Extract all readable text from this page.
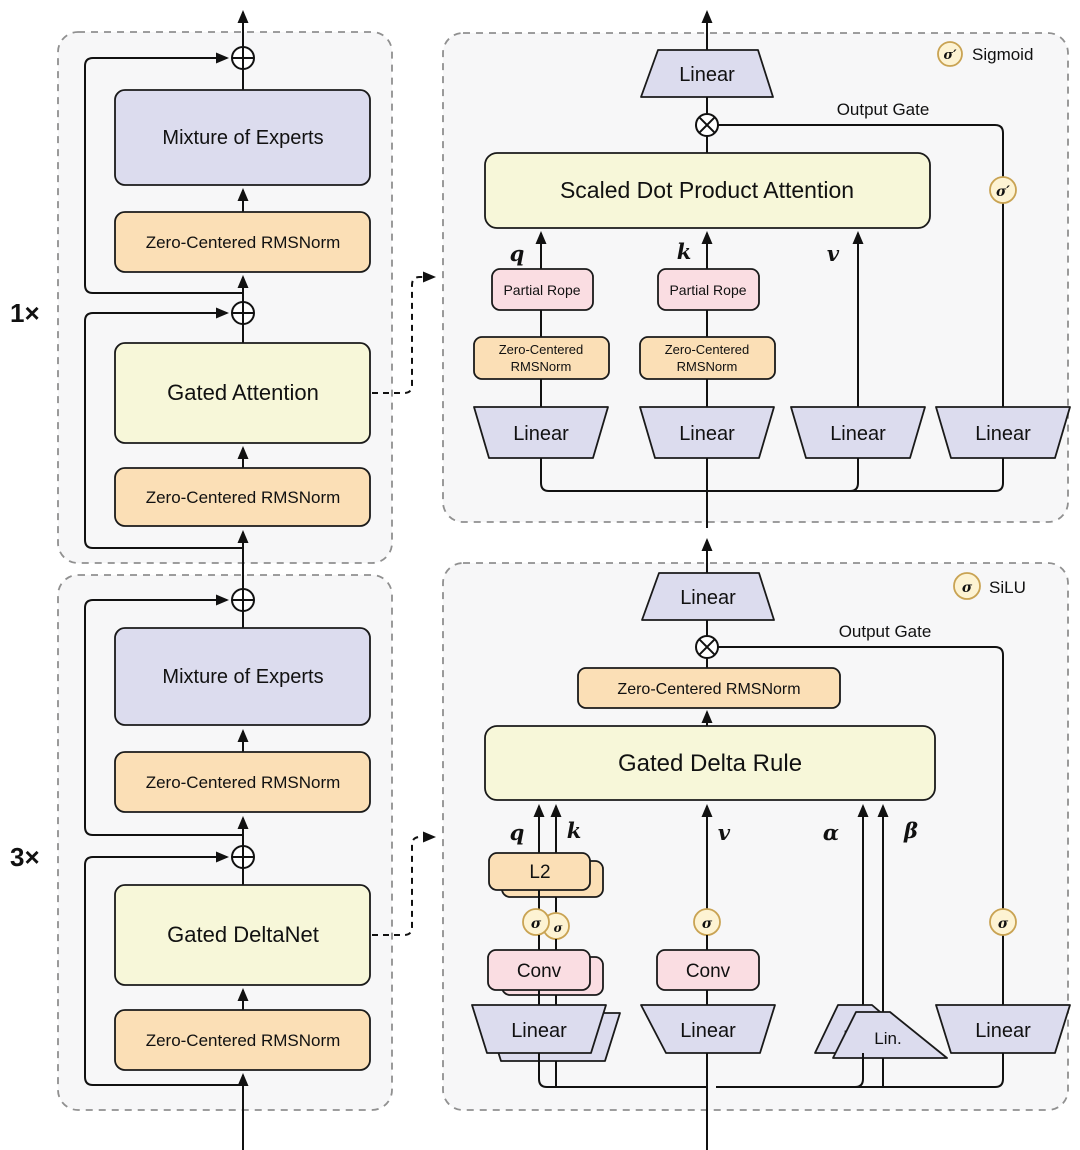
1×
3×
Mixture of Experts
Zero-Centered RMSNorm
Gated Attention
Zero-Centered RMSNorm
Mixture of Experts
Zero-Centered RMSNorm
Gated DeltaNet
Zero-Centered RMSNorm
σ′ Sigmoid
Linear
Output Gate
σ′
Scaled Dot Product Attention
q
Partial Rope
Zero-Centered
RMSNorm
Linear
k
Partial Rope
Zero-Centered
RMSNorm
Linear
v
Linear	Linear
σ SiLU
Linear
Output Gate
Zero-Centered RMSNorm
Gated Delta Rule
q k
L2
σ
σ
Conv
Linear
v
σ
Conv
Linear
α	β
Lin.
σ
Linear
